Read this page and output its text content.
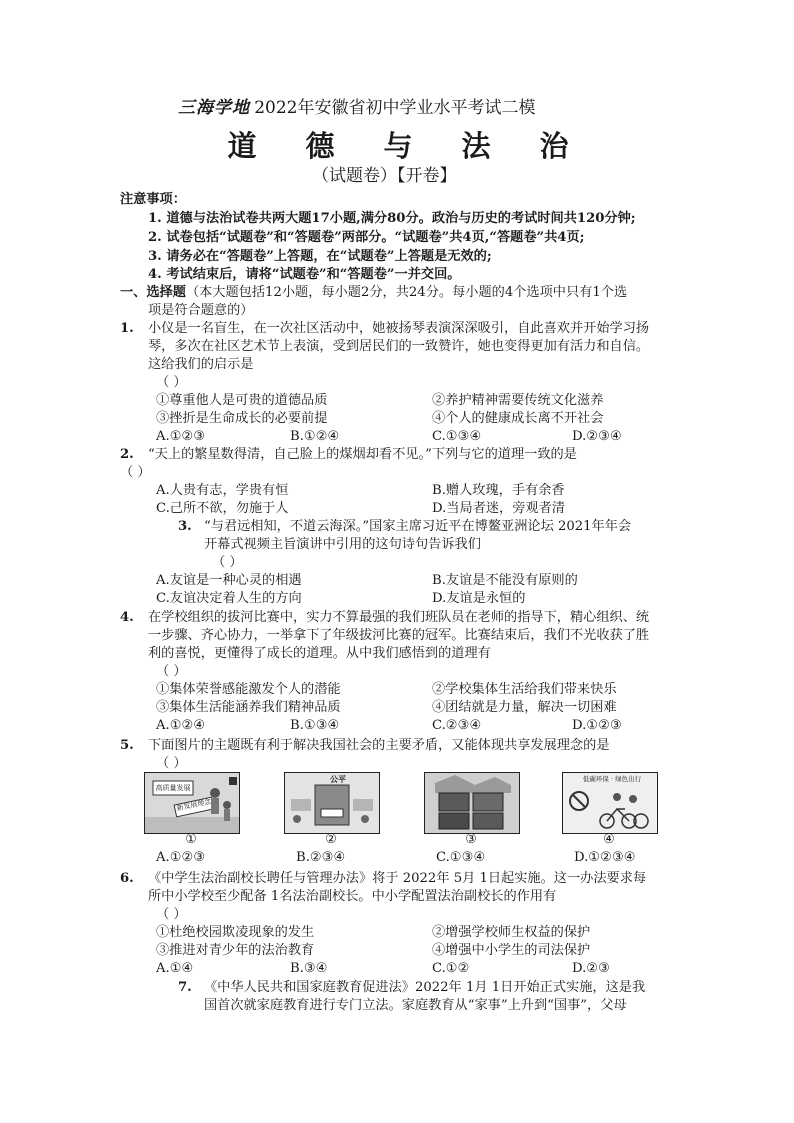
三海学地 2022年安徽省初中学业水平考试二模
道 德 与 法 治
（试题卷）【开卷】
注意事项：
1. 道德与法治试卷共两大题17小题,满分80分。政治与历史的考试时间共120分钟;
2. 试卷包括“试题卷”和“答题卷”两部分。“试题卷”共4页,“答题卷”共4页;
3. 请务必在“答题卷”上答题，在“试题卷”上答题是无效的;
4. 考试结束后，请将“试题卷”和“答题卷”一并交回。
一、选择题（本大题包括12小题，每小题2分，共24分。每小题的4个选项中只有1个选
项是符合题意的）
1. 小仪是一名盲生，在一次社区活动中，她被扬琴表演深深吸引，自此喜欢并开始学习扬
琴，多次在社区艺术节上表演，受到居民们的一致赞许，她也变得更加有活力和自信。
这给我们的启示是
（ ）
①尊重他人是可贵的道德品质	②养护精神需要传统文化滋养
③挫折是生命成长的必要前提	④个人的健康成长离不开社会
A.①②③	B.①②④	C.①③④	D.②③④
2. “天上的繁星数得清，自己脸上的煤烟却看不见。”下列与它的道理一致的是
（ ）
A.人贵有志，学贵有恒	B.赠人玫瑰，手有余香
C.己所不欲，勿施于人	D.当局者迷，旁观者清
3. “与君远相知，不道云海深。”国家主席习近平在博鳌亚洲论坛 2021年年会
开幕式视频主旨演讲中引用的这句诗句告诉我们
（ ）
A.友谊是一种心灵的相遇	B.友谊是不能没有原则的
C.友谊决定着人生的方向	D.友谊是永恒的
4. 在学校组织的拔河比赛中，实力不算最强的我们班队员在老师的指导下，精心组织、统
一步骤、齐心协力，一举拿下了年级拔河比赛的冠军。比赛结束后，我们不光收获了胜
利的喜悦，更懂得了成长的道理。从中我们感悟到的道理有
（ ）
①集体荣誉感能激发个人的潜能	②学校集体生活给我们带来快乐
③集体生活能涵养我们精神品质	④团结就是力量，解决一切困难
A.①②④	B.①③④	C.②③④	D.①②③
5. 下面图片的主题既有利于解决我国社会的主要矛盾，又能体现共享发展理念的是
（ ）
高质量发展
新发展理念
公平	低碳环保 · 绿色出行
①	②	③	④
A.①②③	B.②③④	C.①③④	D.①②③④
6. 《中学生法治副校长聘任与管理办法》将于 2022年 5月 1日起实施。这一办法要求每
所中小学校至少配备 1名法治副校长。中小学配置法治副校长的作用有
（ ）
①杜绝校园欺凌现象的发生	②增强学校师生权益的保护
③推进对青少年的法治教育	④增强中小学生的司法保护
A.①④	B.③④	C.①②	D.②③
7. 《中华人民共和国家庭教育促进法》2022年 1月 1日开始正式实施，这是我
国首次就家庭教育进行专门立法。家庭教育从“家事”上升到“国事”，父母
